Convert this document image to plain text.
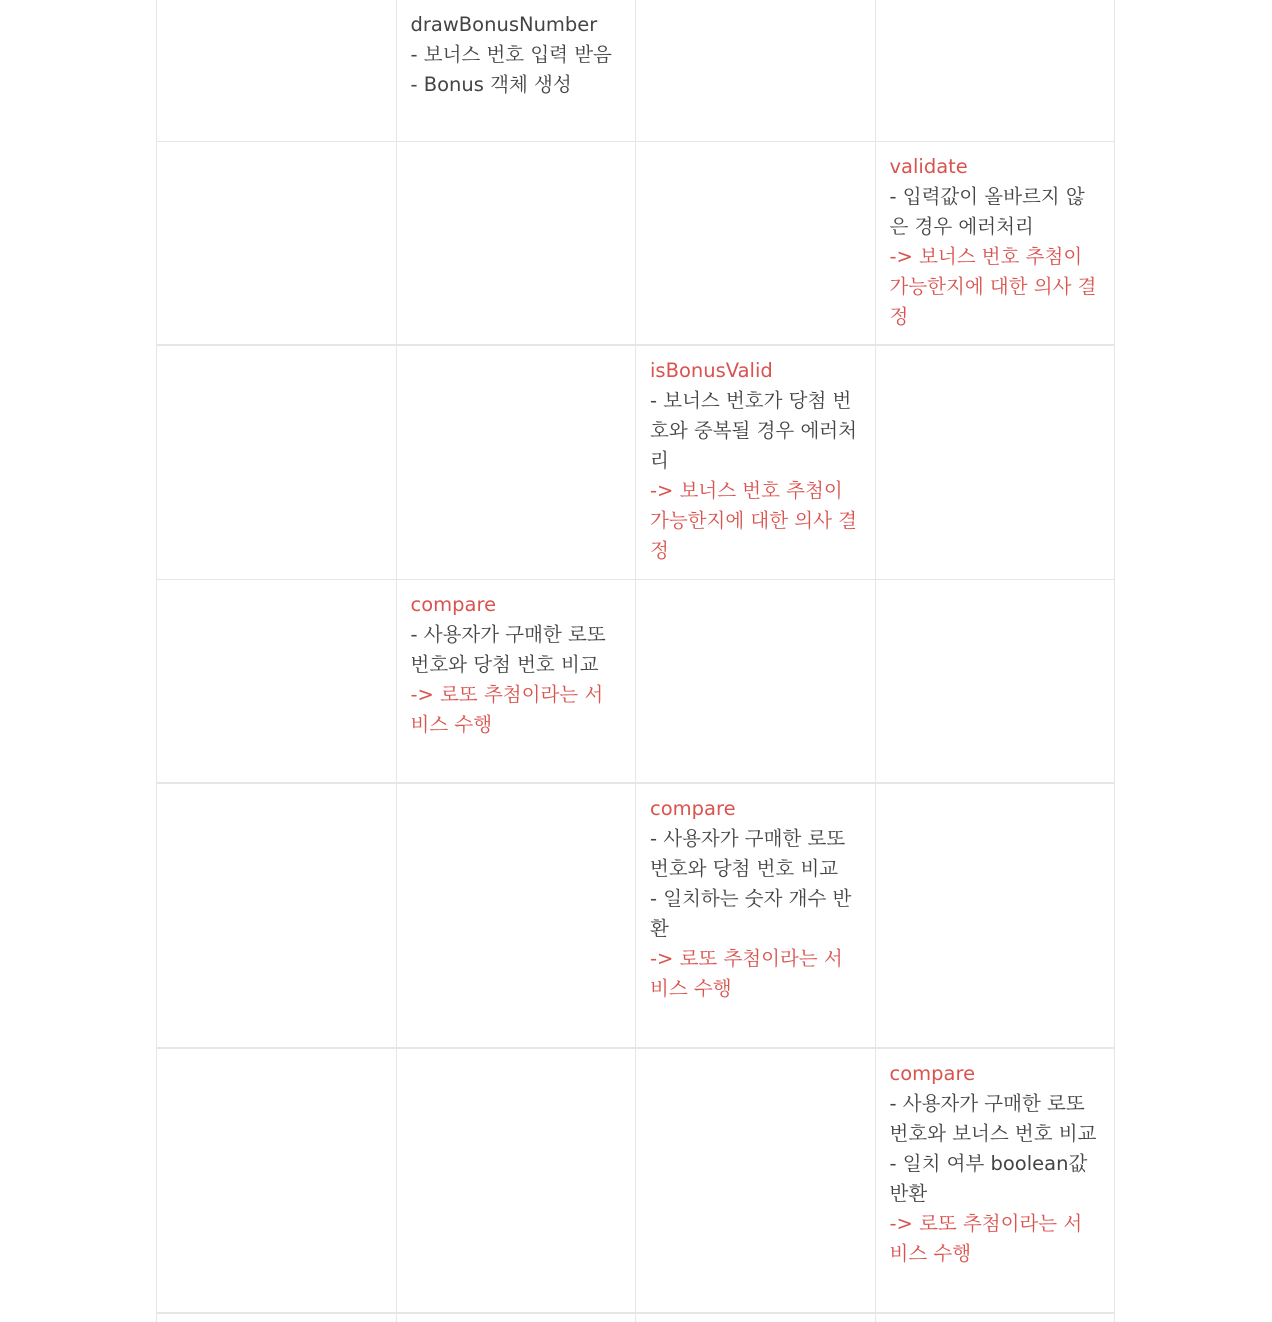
	drawBonusNumber
- 보너스 번호 입력 받음
- Bonus 객체 생성		

			validate
- 입력값이 올바르지 않은 경우 에러처리
-> 보너스 번호 추첨이 가능한지에 대한 의사 결정

		isBonusValid
- 보너스 번호가 당첨 번호와 중복될 경우 에러처리
-> 보너스 번호 추첨이 가능한지에 대한 의사 결정	

	compare
- 사용자가 구매한 로또 번호와 당첨 번호 비교
-> 로또 추첨이라는 서비스 수행		

		compare
- 사용자가 구매한 로또 번호와 당첨 번호 비교
- 일치하는 숫자 개수 반환
-> 로또 추첨이라는 서비스 수행	

			compare
- 사용자가 구매한 로또 번호와 보너스 번호 비교
- 일치 여부 boolean값 반환
-> 로또 추첨이라는 서비스 수행
